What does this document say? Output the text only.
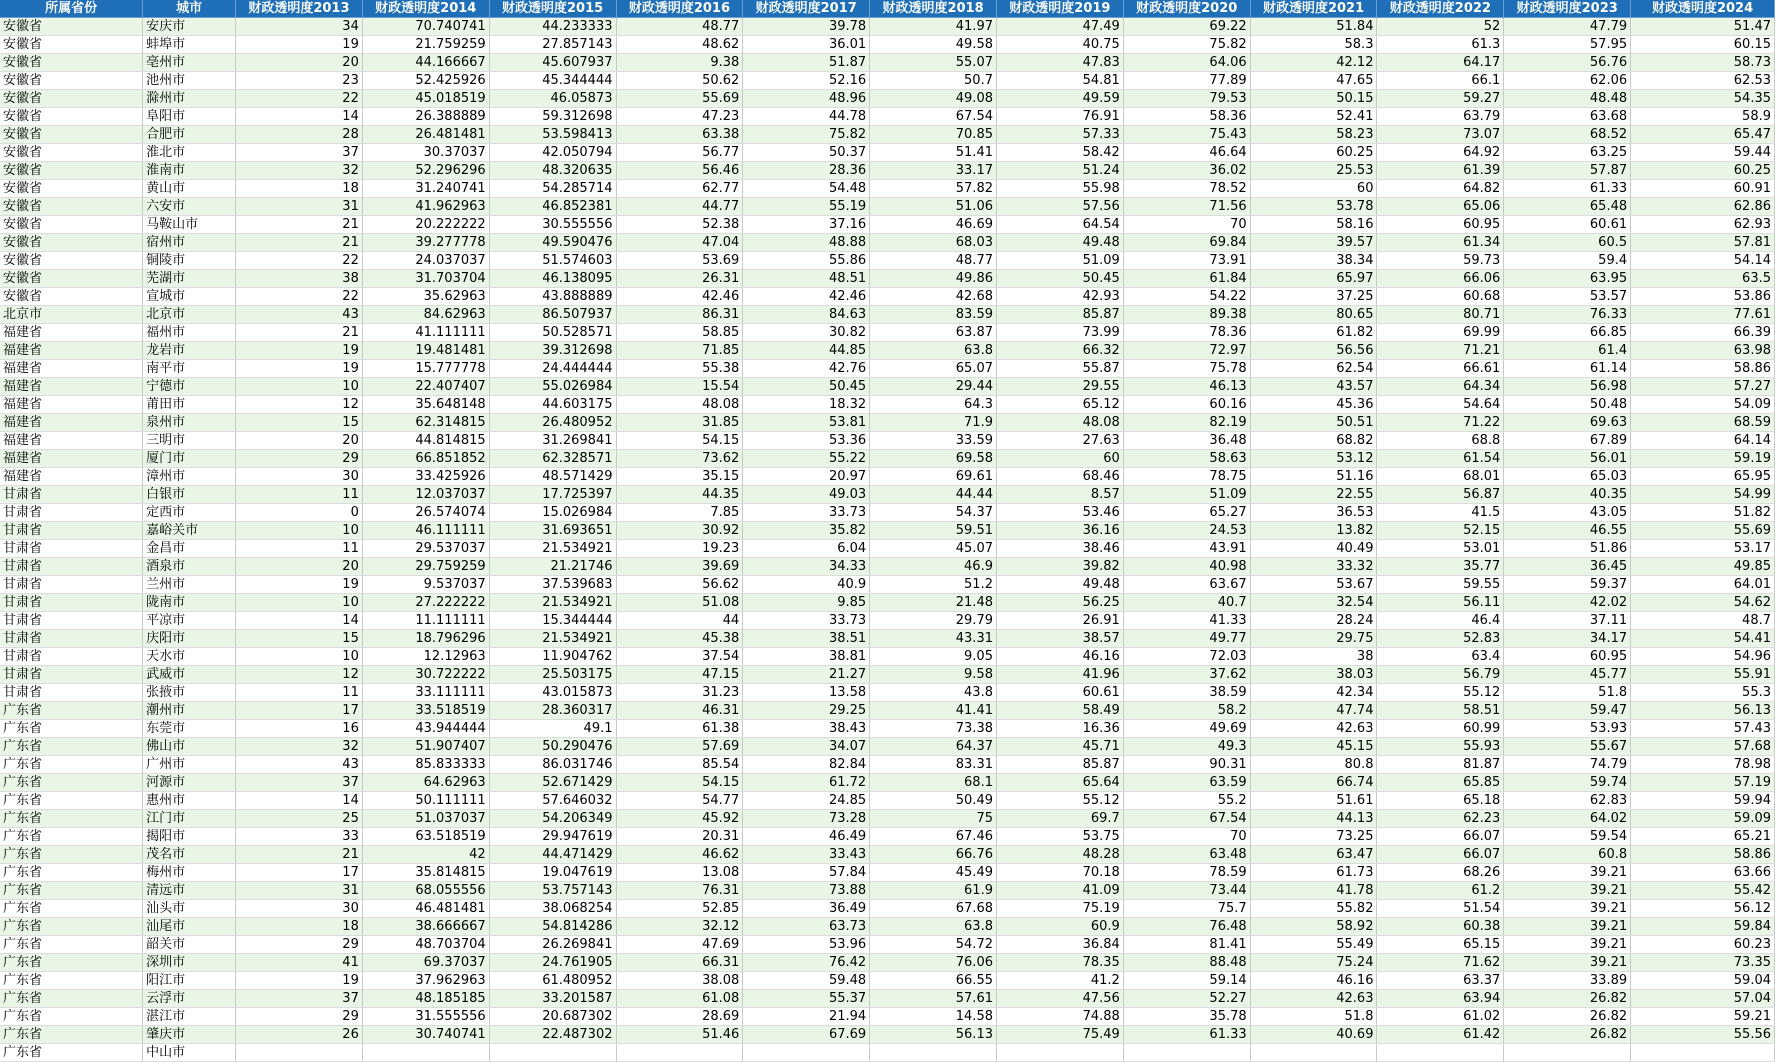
所属省份	城市	财政透明度2013	财政透明度2014	财政透明度2015	财政透明度2016	财政透明度2017	财政透明度2018	财政透明度2019	财政透明度2020	财政透明度2021	财政透明度2022	财政透明度2023	财政透明度2024
安徽省	安庆市	34	70.740741	44.233333	48.77	39.78	41.97	47.49	69.22	51.84	52	47.79	51.47
安徽省	蚌埠市	19	21.759259	27.857143	48.62	36.01	49.58	40.75	75.82	58.3	61.3	57.95	60.15
安徽省	亳州市	20	44.166667	45.607937	9.38	51.87	55.07	47.83	64.06	42.12	64.17	56.76	58.73
安徽省	池州市	23	52.425926	45.344444	50.62	52.16	50.7	54.81	77.89	47.65	66.1	62.06	62.53
安徽省	滁州市	22	45.018519	46.05873	55.69	48.96	49.08	49.59	79.53	50.15	59.27	48.48	54.35
安徽省	阜阳市	14	26.388889	59.312698	47.23	44.78	67.54	76.91	58.36	52.41	63.79	63.68	58.9
安徽省	合肥市	28	26.481481	53.598413	63.38	75.82	70.85	57.33	75.43	58.23	73.07	68.52	65.47
安徽省	淮北市	37	30.37037	42.050794	56.77	50.37	51.41	58.42	46.64	60.25	64.92	63.25	59.44
安徽省	淮南市	32	52.296296	48.320635	56.46	28.36	33.17	51.24	36.02	25.53	61.39	57.87	60.25
安徽省	黄山市	18	31.240741	54.285714	62.77	54.48	57.82	55.98	78.52	60	64.82	61.33	60.91
安徽省	六安市	31	41.962963	46.852381	44.77	55.19	51.06	57.56	71.56	53.78	65.06	65.48	62.86
安徽省	马鞍山市	21	20.222222	30.555556	52.38	37.16	46.69	64.54	70	58.16	60.95	60.61	62.93
安徽省	宿州市	21	39.277778	49.590476	47.04	48.88	68.03	49.48	69.84	39.57	61.34	60.5	57.81
安徽省	铜陵市	22	24.037037	51.574603	53.69	55.86	48.77	51.09	73.91	38.34	59.73	59.4	54.14
安徽省	芜湖市	38	31.703704	46.138095	26.31	48.51	49.86	50.45	61.84	65.97	66.06	63.95	63.5
安徽省	宣城市	22	35.62963	43.888889	42.46	42.46	42.68	42.93	54.22	37.25	60.68	53.57	53.86
北京市	北京市	43	84.62963	86.507937	86.31	84.63	83.59	85.87	89.38	80.65	80.71	76.33	77.61
福建省	福州市	21	41.111111	50.528571	58.85	30.82	63.87	73.99	78.36	61.82	69.99	66.85	66.39
福建省	龙岩市	19	19.481481	39.312698	71.85	44.85	63.8	66.32	72.97	56.56	71.21	61.4	63.98
福建省	南平市	19	15.777778	24.444444	55.38	42.76	65.07	55.87	75.78	62.54	66.61	61.14	58.86
福建省	宁德市	10	22.407407	55.026984	15.54	50.45	29.44	29.55	46.13	43.57	64.34	56.98	57.27
福建省	莆田市	12	35.648148	44.603175	48.08	18.32	64.3	65.12	60.16	45.36	54.64	50.48	54.09
福建省	泉州市	15	62.314815	26.480952	31.85	53.81	71.9	48.08	82.19	50.51	71.22	69.63	68.59
福建省	三明市	20	44.814815	31.269841	54.15	53.36	33.59	27.63	36.48	68.82	68.8	67.89	64.14
福建省	厦门市	29	66.851852	62.328571	73.62	55.22	69.58	60	58.63	53.12	61.54	56.01	59.19
福建省	漳州市	30	33.425926	48.571429	35.15	20.97	69.61	68.46	78.75	51.16	68.01	65.03	65.95
甘肃省	白银市	11	12.037037	17.725397	44.35	49.03	44.44	8.57	51.09	22.55	56.87	40.35	54.99
甘肃省	定西市	0	26.574074	15.026984	7.85	33.73	54.37	53.46	65.27	36.53	41.5	43.05	51.82
甘肃省	嘉峪关市	10	46.111111	31.693651	30.92	35.82	59.51	36.16	24.53	13.82	52.15	46.55	55.69
甘肃省	金昌市	11	29.537037	21.534921	19.23	6.04	45.07	38.46	43.91	40.49	53.01	51.86	53.17
甘肃省	酒泉市	20	29.759259	21.21746	39.69	34.33	46.9	39.82	40.98	33.32	35.77	36.45	49.85
甘肃省	兰州市	19	9.537037	37.539683	56.62	40.9	51.2	49.48	63.67	53.67	59.55	59.37	64.01
甘肃省	陇南市	10	27.222222	21.534921	51.08	9.85	21.48	56.25	40.7	32.54	56.11	42.02	54.62
甘肃省	平凉市	14	11.111111	15.344444	44	33.73	29.79	26.91	41.33	28.24	46.4	37.11	48.7
甘肃省	庆阳市	15	18.796296	21.534921	45.38	38.51	43.31	38.57	49.77	29.75	52.83	34.17	54.41
甘肃省	天水市	10	12.12963	11.904762	37.54	38.81	9.05	46.16	72.03	38	63.4	60.95	54.96
甘肃省	武威市	12	30.722222	25.503175	47.15	21.27	9.58	41.96	37.62	38.03	56.79	45.77	55.91
甘肃省	张掖市	11	33.111111	43.015873	31.23	13.58	43.8	60.61	38.59	42.34	55.12	51.8	55.3
广东省	潮州市	17	33.518519	28.360317	46.31	29.25	41.41	58.49	58.2	47.74	58.51	59.47	56.13
广东省	东莞市	16	43.944444	49.1	61.38	38.43	73.38	16.36	49.69	42.63	60.99	53.93	57.43
广东省	佛山市	32	51.907407	50.290476	57.69	34.07	64.37	45.71	49.3	45.15	55.93	55.67	57.68
广东省	广州市	43	85.833333	86.031746	85.54	82.84	83.31	85.87	90.31	80.8	81.87	74.79	78.98
广东省	河源市	37	64.62963	52.671429	54.15	61.72	68.1	65.64	63.59	66.74	65.85	59.74	57.19
广东省	惠州市	14	50.111111	57.646032	54.77	24.85	50.49	55.12	55.2	51.61	65.18	62.83	59.94
广东省	江门市	25	51.037037	54.206349	45.92	73.28	75	69.7	67.54	44.13	62.23	64.02	59.09
广东省	揭阳市	33	63.518519	29.947619	20.31	46.49	67.46	53.75	70	73.25	66.07	59.54	65.21
广东省	茂名市	21	42	44.471429	46.62	33.43	66.76	48.28	63.48	63.47	66.07	60.8	58.86
广东省	梅州市	17	35.814815	19.047619	13.08	57.84	45.49	70.18	78.59	61.73	68.26	39.21	63.66
广东省	清远市	31	68.055556	53.757143	76.31	73.88	61.9	41.09	73.44	41.78	61.2	39.21	55.42
广东省	汕头市	30	46.481481	38.068254	52.85	36.49	67.68	75.19	75.7	55.82	51.54	39.21	56.12
广东省	汕尾市	18	38.666667	54.814286	32.12	63.73	63.8	60.9	76.48	58.92	60.38	39.21	59.84
广东省	韶关市	29	48.703704	26.269841	47.69	53.96	54.72	36.84	81.41	55.49	65.15	39.21	60.23
广东省	深圳市	41	69.37037	24.761905	66.31	76.42	76.06	78.35	88.48	75.24	71.62	39.21	73.35
广东省	阳江市	19	37.962963	61.480952	38.08	59.48	66.55	41.2	59.14	46.16	63.37	33.89	59.04
广东省	云浮市	37	48.185185	33.201587	61.08	55.37	57.61	47.56	52.27	42.63	63.94	26.82	57.04
广东省	湛江市	29	31.555556	20.687302	28.69	21.94	14.58	74.88	35.78	51.8	61.02	26.82	59.21
广东省	肇庆市	26	30.740741	22.487302	51.46	67.69	56.13	75.49	61.33	40.69	61.42	26.82	55.56
广东省	中山市												
